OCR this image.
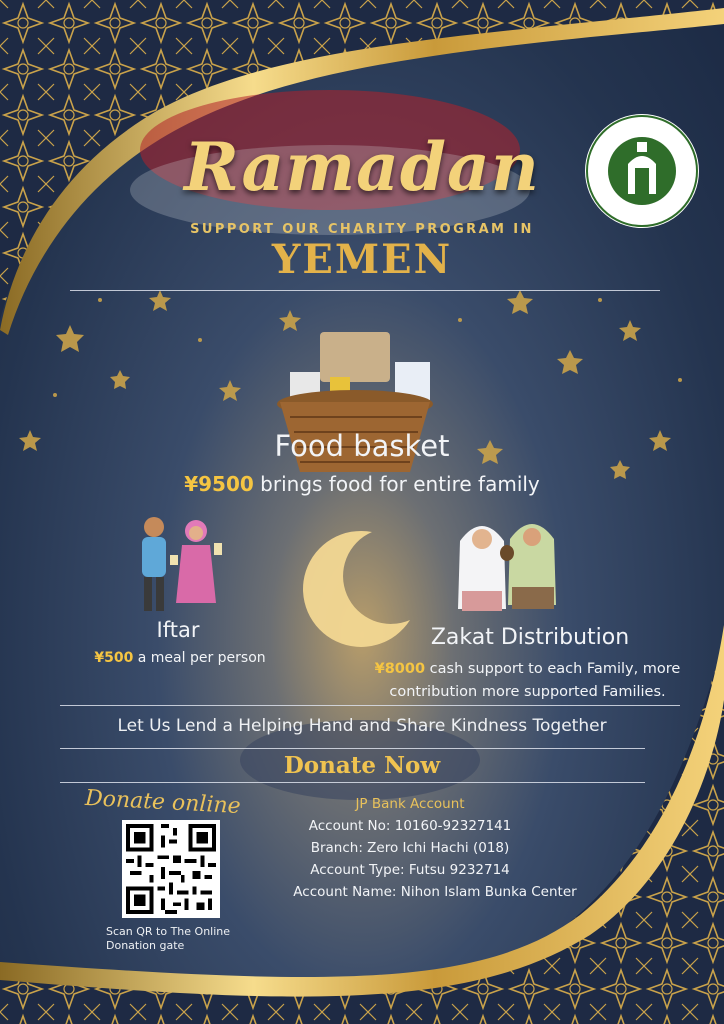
Ramadan
SUPPORT OUR CHARITY PROGRAM IN
YEMEN
Food basket
¥9500 brings food for entire family
Iftar
¥500 a meal per person
Zakat Distribution
¥8000 cash support to each Family, more
contribution more supported Families.
Let Us Lend a Helping Hand and Share Kindness Together
Donate Now
Donate online
Scan QR to The Online Donation gate
JP Bank Account
Account No: 10160-92327141
Branch: Zero Ichi Hachi (018)
Account Type: Futsu 9232714
Account Name: Nihon Islam Bunka Center
